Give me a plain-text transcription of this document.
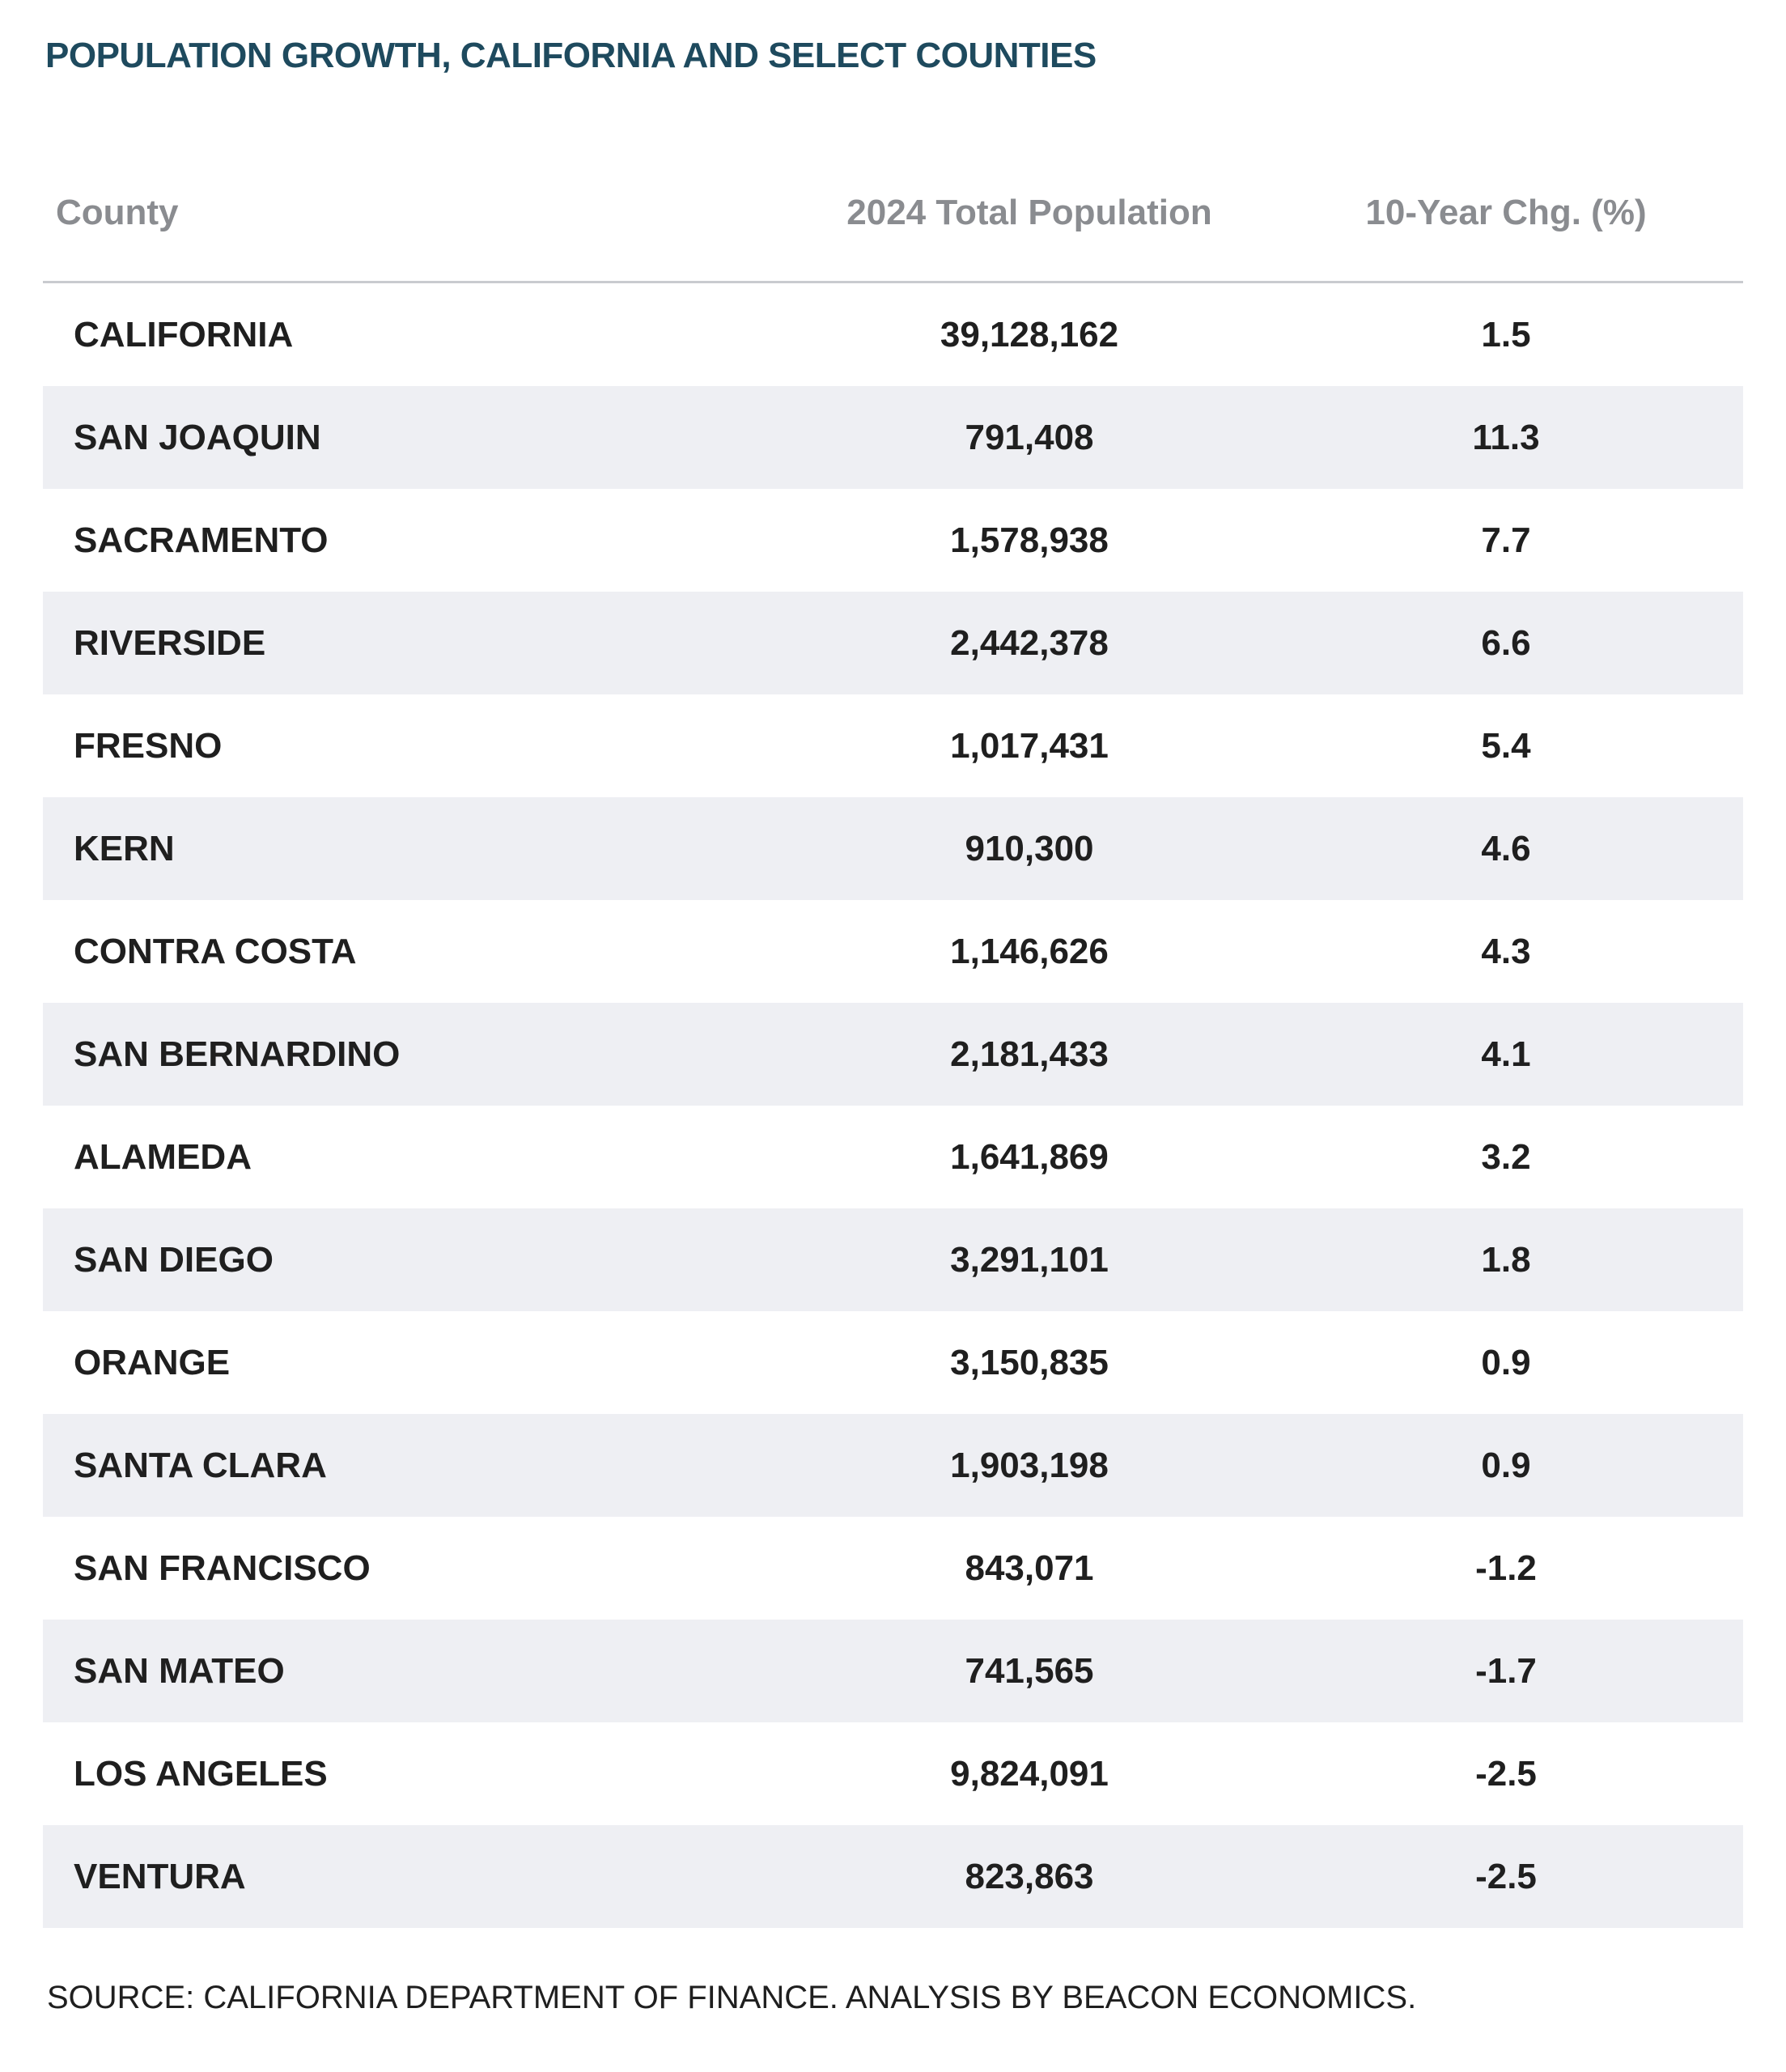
POPULATION GROWTH, CALIFORNIA AND SELECT COUNTIES
County	2024 Total Population	10-Year Chg. (%)
CALIFORNIA	39,128,162	1.5
SAN JOAQUIN	791,408	11.3
SACRAMENTO	1,578,938	7.7
RIVERSIDE	2,442,378	6.6
FRESNO	1,017,431	5.4
KERN	910,300	4.6
CONTRA COSTA	1,146,626	4.3
SAN BERNARDINO	2,181,433	4.1
ALAMEDA	1,641,869	3.2
SAN DIEGO	3,291,101	1.8
ORANGE	3,150,835	0.9
SANTA CLARA	1,903,198	0.9
SAN FRANCISCO	843,071	-1.2
SAN MATEO	741,565	-1.7
LOS ANGELES	9,824,091	-2.5
VENTURA	823,863	-2.5
SOURCE: CALIFORNIA DEPARTMENT OF FINANCE. ANALYSIS BY BEACON ECONOMICS.
